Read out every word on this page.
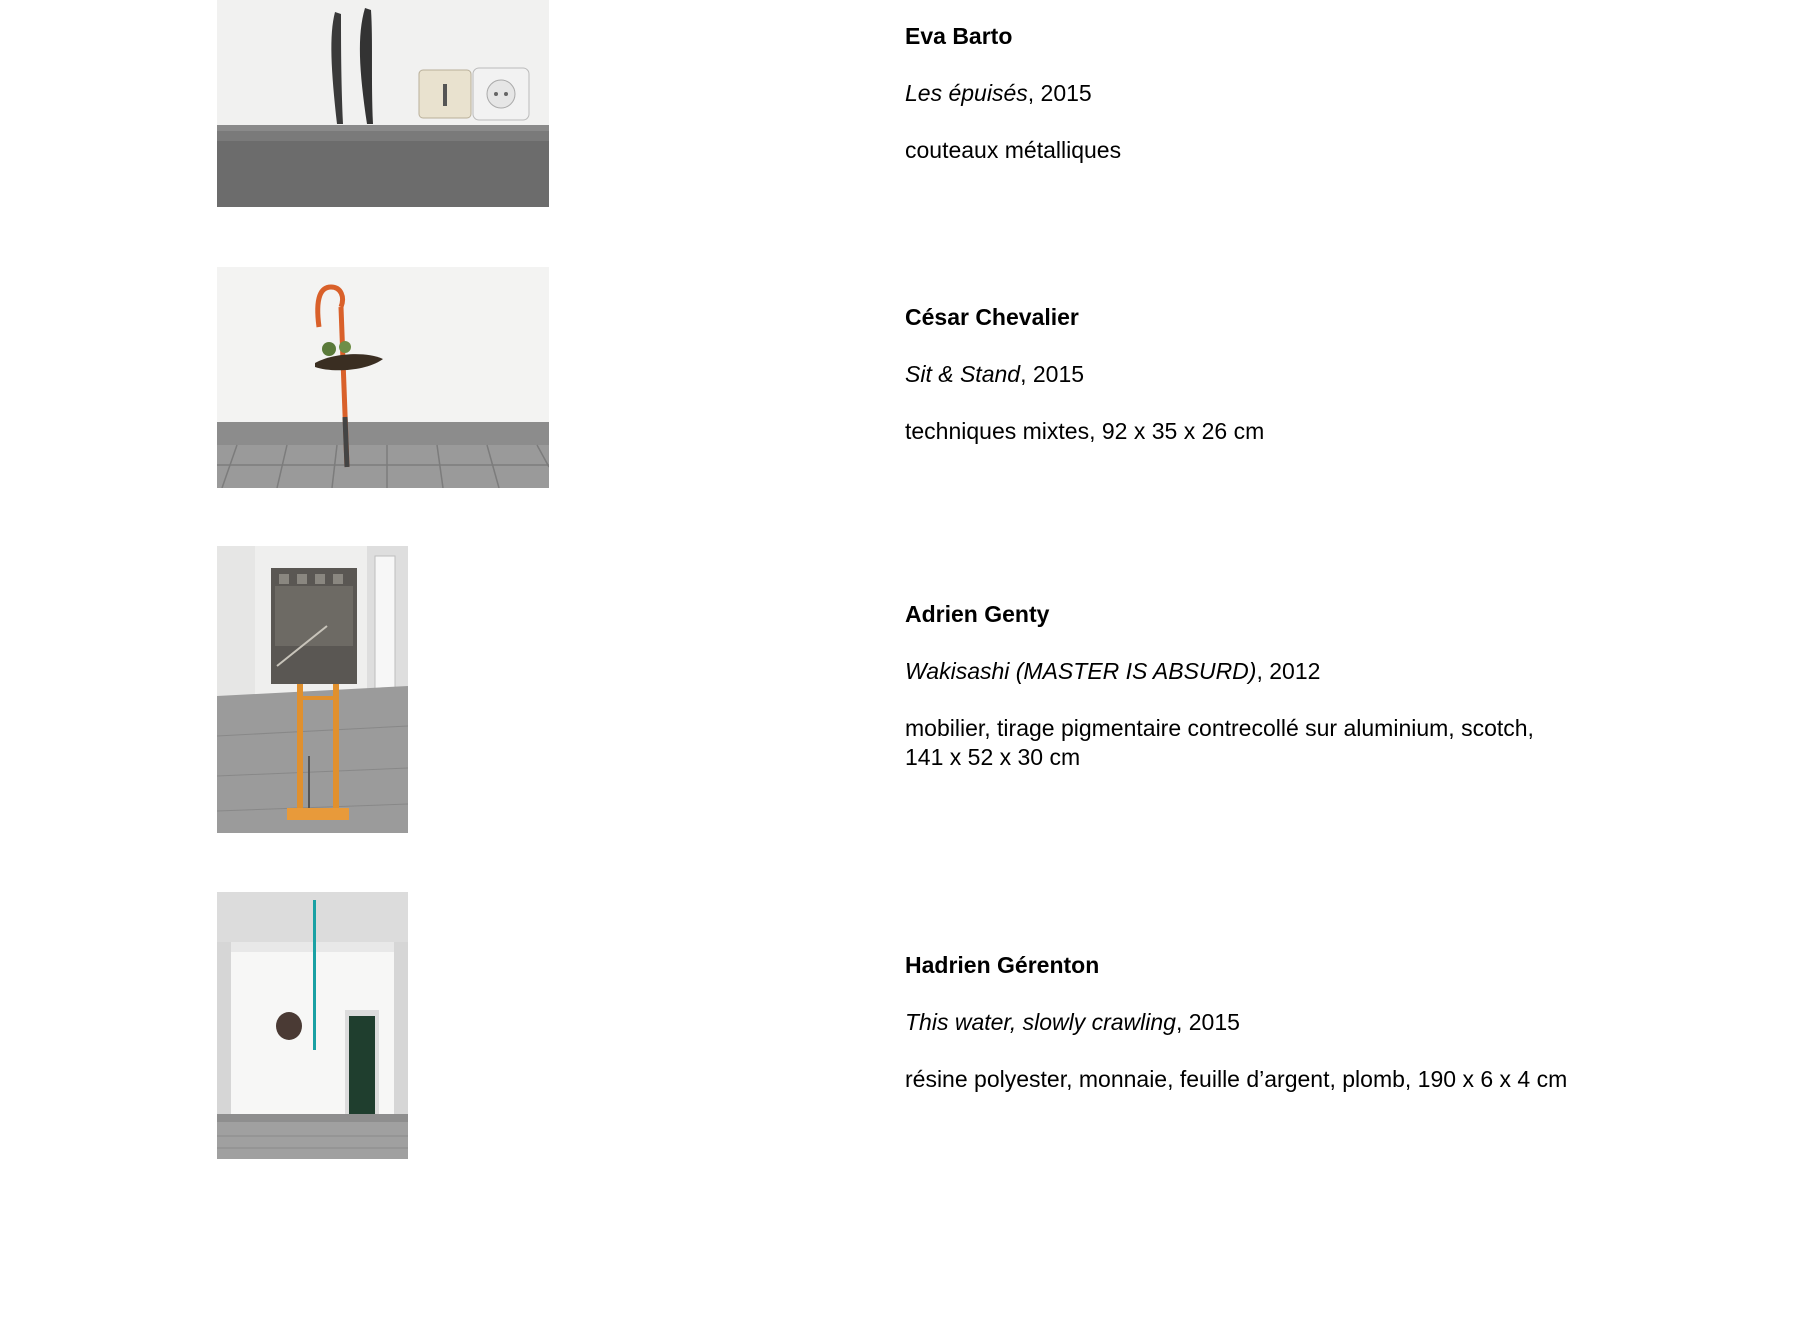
Eva Barto

Les épuisés, 2015

couteaux métalliques

César Chevalier

Sit & Stand, 2015

techniques mixtes, 92 x 35 x 26 cm

Adrien Genty

Wakisashi (MASTER IS ABSURD), 2012

mobilier, tirage pigmentaire contrecollé sur aluminium, scotch,
141 x 52 x 30 cm

Hadrien Gérenton

This water, slowly crawling, 2015

résine polyester, monnaie, feuille d’argent, plomb, 190 x 6 x 4 cm
